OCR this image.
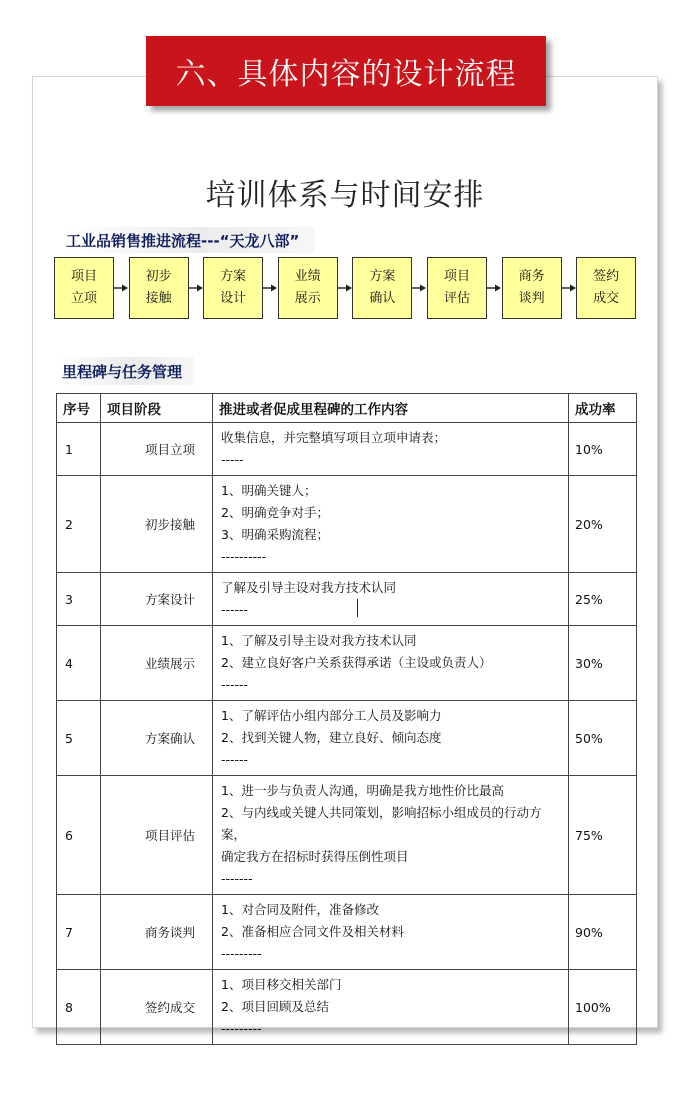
六、具体内容的设计流程
培训体系与时间安排
工业品销售推进流程---“天龙八部”
项目
立项
初步
接触
方案
设计
业绩
展示
方案
确认
项目
评估
商务
谈判
签约
成交
里程碑与任务管理
序号	项目阶段	推进或者促成里程碑的工作内容	成功率
1	项目立项	收集信息，并完整填写项目立项申请表；
-----	10%
2	初步接触	1、明确关键人；
2、明确竞争对手；
3、明确采购流程；
----------	20%
3	方案设计	了解及引导主设对我方技术认同
------	25%
4	业绩展示	1、了解及引导主设对我方技术认同
2、建立良好客户关系获得承诺（主设或负责人）
------	30%
5	方案确认	1、了解评估小组内部分工人员及影响力
2、找到关键人物，建立良好、倾向态度
------	50%
6	项目评估	1、进一步与负责人沟通，明确是我方地性价比最高
2、与内线或关键人共同策划，影响招标小组成员的行动方案，
确定我方在招标时获得压倒性项目
-------	75%
7	商务谈判	1、对合同及附件，准备修改
2、准备相应合同文件及相关材料
---------	90%
8	签约成交	1、项目移交相关部门
2、项目回顾及总结
---------	100%
